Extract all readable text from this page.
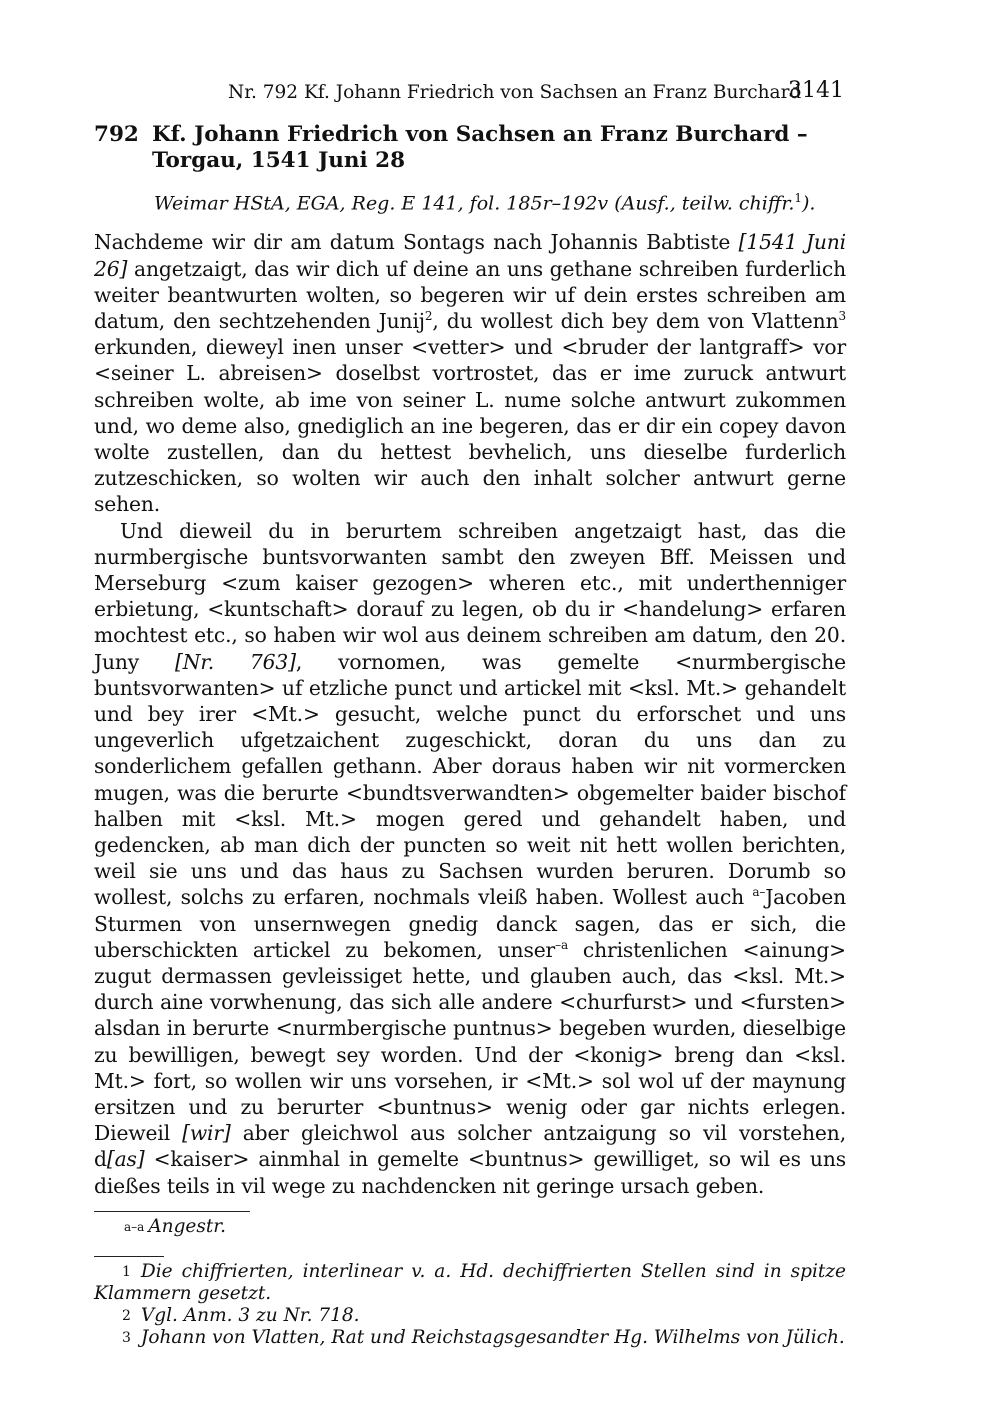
Nr. 792 Kf. Johann Friedrich von Sachsen an Franz Burchard
3141
792 Kf. Johann Friedrich von Sachsen an Franz Burchard – Torgau, 1541 Juni 28
Weimar HStA, EGA, Reg. E 141, fol. 185r–192v (Ausf., teilw. chiffr.$^1$).

Nachdeme wir dir am datum Sontags nach Johannis Babtiste [1541 Juni 26] angetzaigt, das wir dich uf deine an uns gethane schreiben furderlich weiter beantwurten wolten, so begeren wir uf dein erstes schreiben am datum, den sechtzehenden Junij$^2$, du wollest dich bey dem von Vlattenn$^3$ erkunden, dieweyl inen unser <vetter> und <bruder der lantgraff> vor <seiner L. abreisen> doselbst vortrostet, das er ime zuruck antwurt schreiben wolte, ab ime von seiner L. nume solche antwurt zukommen und, wo deme also, gnediglich an ine begeren, das er dir ein copey davon wolte zustellen, dan du hettest bevhelich, uns dieselbe furderlich zutzeschicken, so wolten wir auch den inhalt solcher antwurt gerne sehen.

Und dieweil du in berurtem schreiben angetzaigt hast, das die nurmbergische buntsvorwanten sambt den zweyen Bff. Meissen und Merseburg <zum kaiser gezogen> wheren etc., mit underthenniger erbietung, <kuntschaft> dorauf zu legen, ob du ir <handelung> erfaren mochtest etc., so haben wir wol aus deinem schreiben am datum, den 20. Juny [Nr. 763], vornomen, was gemelte <nurmbergische buntsvorwanten> uf etzliche punct und artickel mit <ksl. Mt.> gehandelt und bey irer <Mt.> gesucht, welche punct du erforschet und uns ungeverlich ufgetzaichent zugeschickt, doran du uns dan zu sonderlichem gefallen gethann. Aber doraus haben wir nit vormercken mugen, was die berurte <bundtsverwandten> obgemelter baider bischof halben mit <ksl. Mt.> mogen gered und gehandelt haben, und gedencken, ab man dich der puncten so weit nit hett wollen berichten, weil sie uns und das haus zu Sachsen wurden beruren. Dorumb so wollest, solchs zu erfaren, nochmals vleiß haben. Wollest auch $^{a-}$Jacoben Sturmen von unsernwegen gnedig danck sagen, das er sich, die uberschickten artickel zu bekomen, unser$^{-a}$ christenlichen <ainung> zugut dermassen gevleissiget hette, und glauben auch, das <ksl. Mt.> durch aine vorwhenung, das sich alle andere <churfurst> und <fursten> alsdan in berurte <nurmbergische puntnus> begeben wurden, dieselbige zu bewilligen, bewegt sey worden. Und der <konig> breng dan <ksl. Mt.> fort, so wollen wir uns vorsehen, ir <Mt.> sol wol uf der maynung ersitzen und zu berurter <buntnus> wenig oder gar nichts erlegen. Dieweil [wir] aber gleichwol aus solcher antzaigung so vil vorstehen, d[as] <kaiser> ainmhal in gemelte <buntnus> gewilliget, so wil es uns dießes teils in vil wege zu nachdencken nit geringe ursach geben.

$^{a-a}$ Angestr.
$^1$ Die chiffrierten, interlinear v. a. Hd. dechiffrierten Stellen sind in spitze Klammern gesetzt.
$^2$ Vgl. Anm. 3 zu Nr. 718.
$^3$ Johann von Vlatten, Rat und Reichstagsgesandter Hg. Wilhelms von Jülich.
